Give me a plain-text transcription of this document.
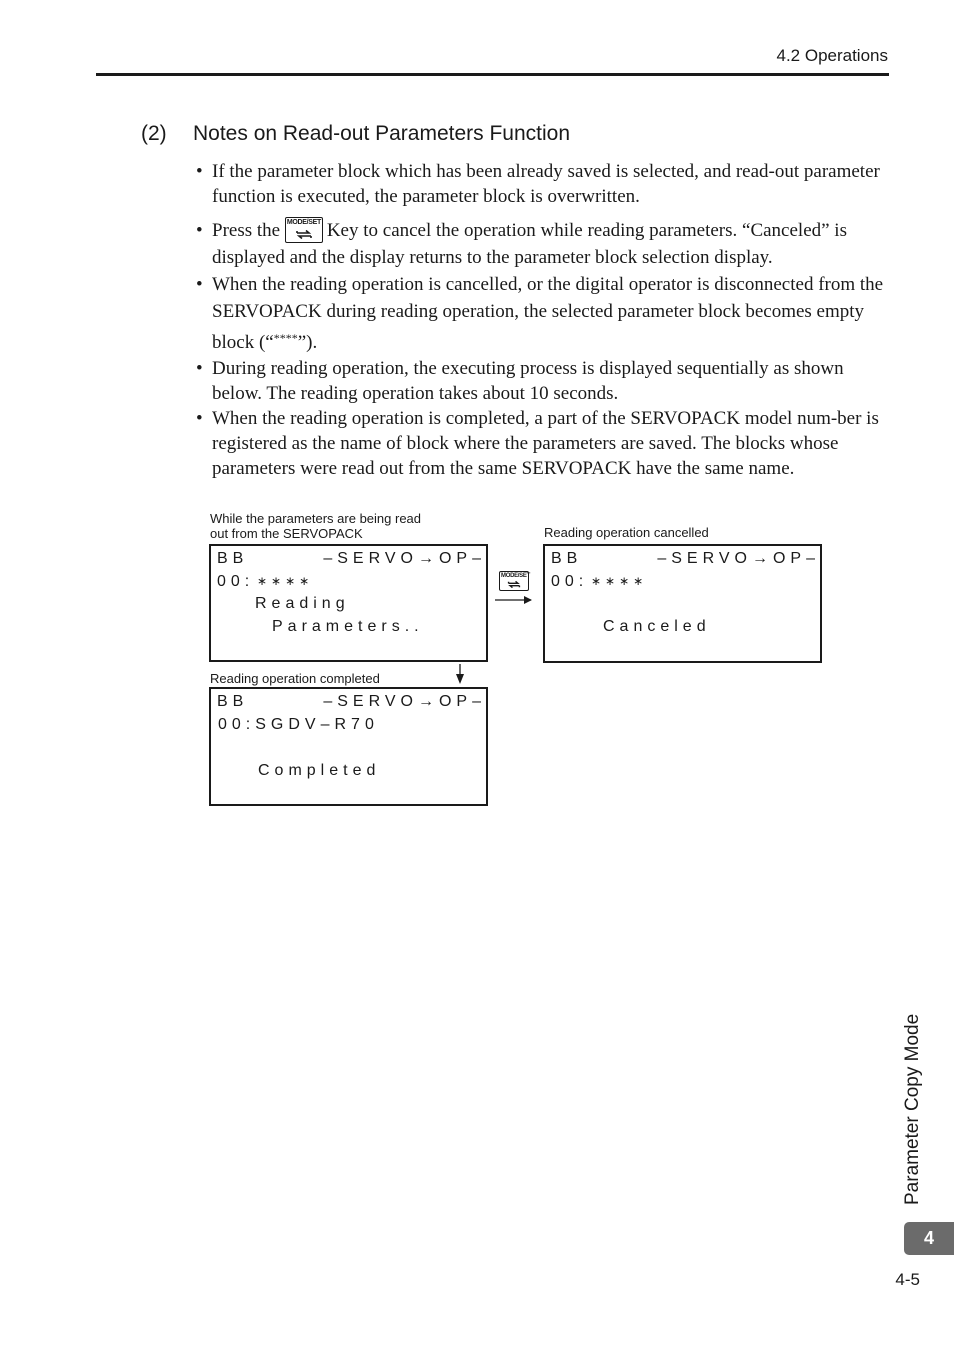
4.2 Operations
(2) Notes on Read-out Parameters Function
• If the parameter block which has been already saved is selected, and read-out parameter function is executed, the parameter block is overwritten.
• Press the MODE/SET Key to cancel the operation while reading parameters. “Canceled” is displayed and the display returns to the parameter block selection display.
• When the reading operation is cancelled, or the digital operator is disconnected from the SERVOPACK during reading operation, the selected parameter block becomes empty block (“****”).
• During reading operation, the executing process is displayed sequentially as shown below. The reading operation takes about 10 seconds.
• When the reading operation is completed, a part of the SERVOPACK model num-ber is registered as the name of block where the parameters are saved. The blocks whose parameters were read out from the same SERVOPACK have the same name.
While the parameters are being read
out from the SERVOPACK
BB	–SERVO→OP–
00: ∗∗∗∗
Reading
Parameters..
MODE/SET
Reading operation cancelled
BB	–SERVO→OP–
00: ∗∗∗∗
Canceled
Reading operation completed
BB	–SERVO→OP–
00:SGDV–R70
Completed
Parameter Copy Mode
4
4-5
